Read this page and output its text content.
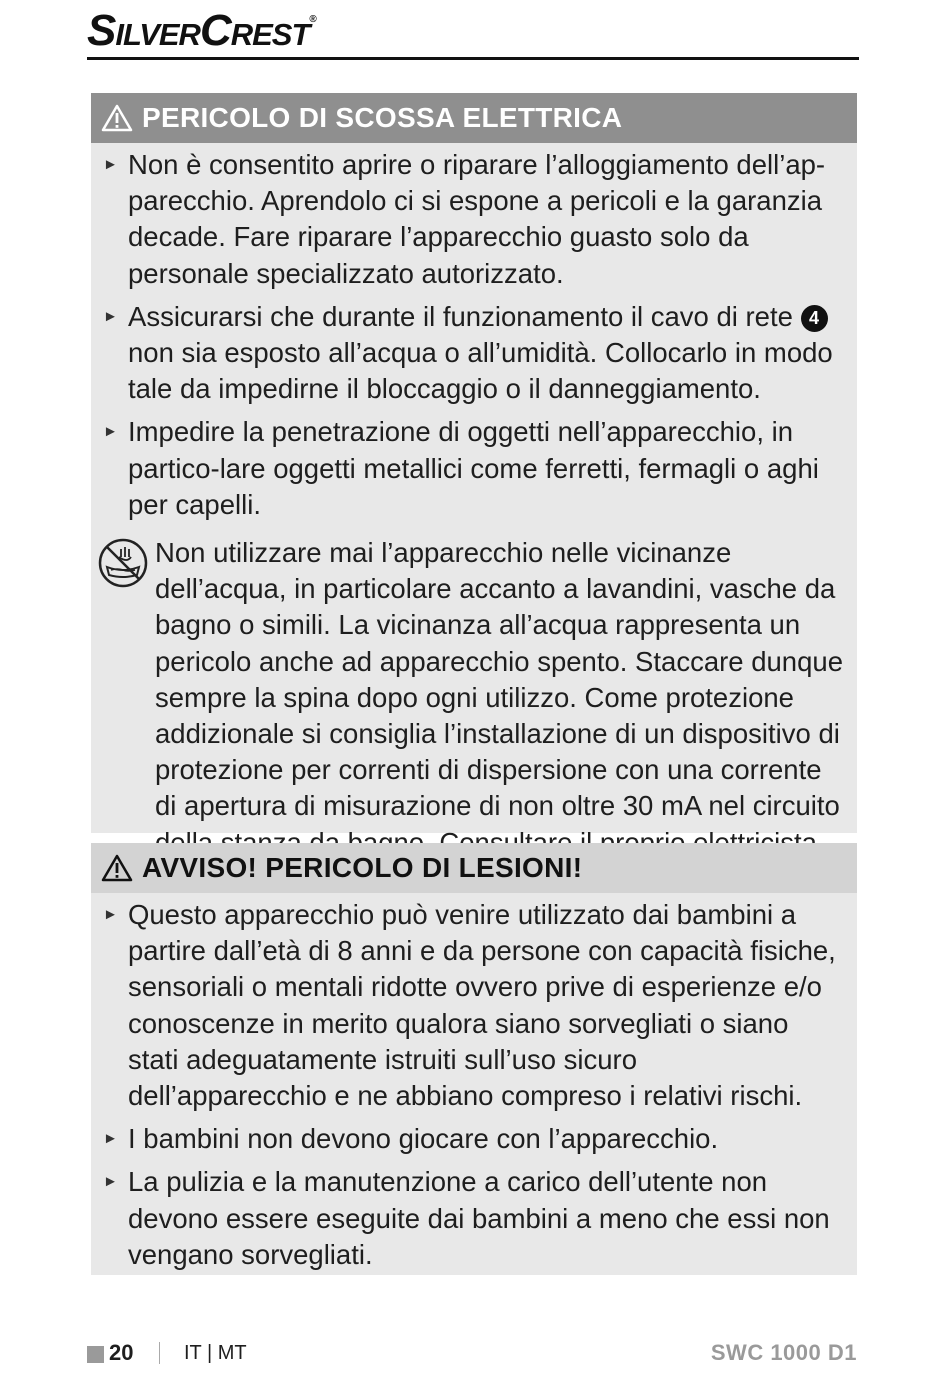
SILVERCREST®
PERICOLO DI SCOSSA ELETTRICA
► Non è consentito aprire o riparare l’alloggiamento dell’ap-parecchio. Aprendolo ci si espone a pericoli e la garanzia decade. Fare riparare l’apparecchio guasto solo da personale specializzato autorizzato.
► Assicurarsi che durante il funzionamento il cavo di rete 4 non sia esposto all’acqua o all’umidità. Collocarlo in modo tale da impedirne il bloccaggio o il danneggiamento.
► Impedire la penetrazione di oggetti nell’apparecchio, in partico-lare oggetti metallici come ferretti, fermagli o aghi per capelli.
Non utilizzare mai l’apparecchio nelle vicinanze dell’acqua, in particolare accanto a lavandini, vasche da bagno o simili. La vicinanza all’acqua rappresenta un pericolo anche ad apparecchio spento. Staccare dunque sempre la spina dopo ogni utilizzo. Come protezione addizionale si consiglia l’installazione di un dispositivo di protezione per correnti di dispersione con una corrente di apertura di misurazione di non oltre 30 mA nel circuito
AVVISO! PERICOLO DI LESIONI!
► Questo apparecchio può venire utilizzato dai bambini a partire dall’età di 8 anni e da persone con capacità fisiche, sensoriali o mentali ridotte ovvero prive di esperienze e/o conoscenze in merito qualora siano sorvegliati o siano stati adeguatamente istruiti sull’uso sicuro dell’apparecchio e ne abbiano compreso i relativi rischi.
► I bambini non devono giocare con l’apparecchio.
► La pulizia e la manutenzione a carico dell’utente non devono essere eseguite dai bambini a meno che essi non vengano sorvegliati.
20	IT | MT	SWC 1000 D1
